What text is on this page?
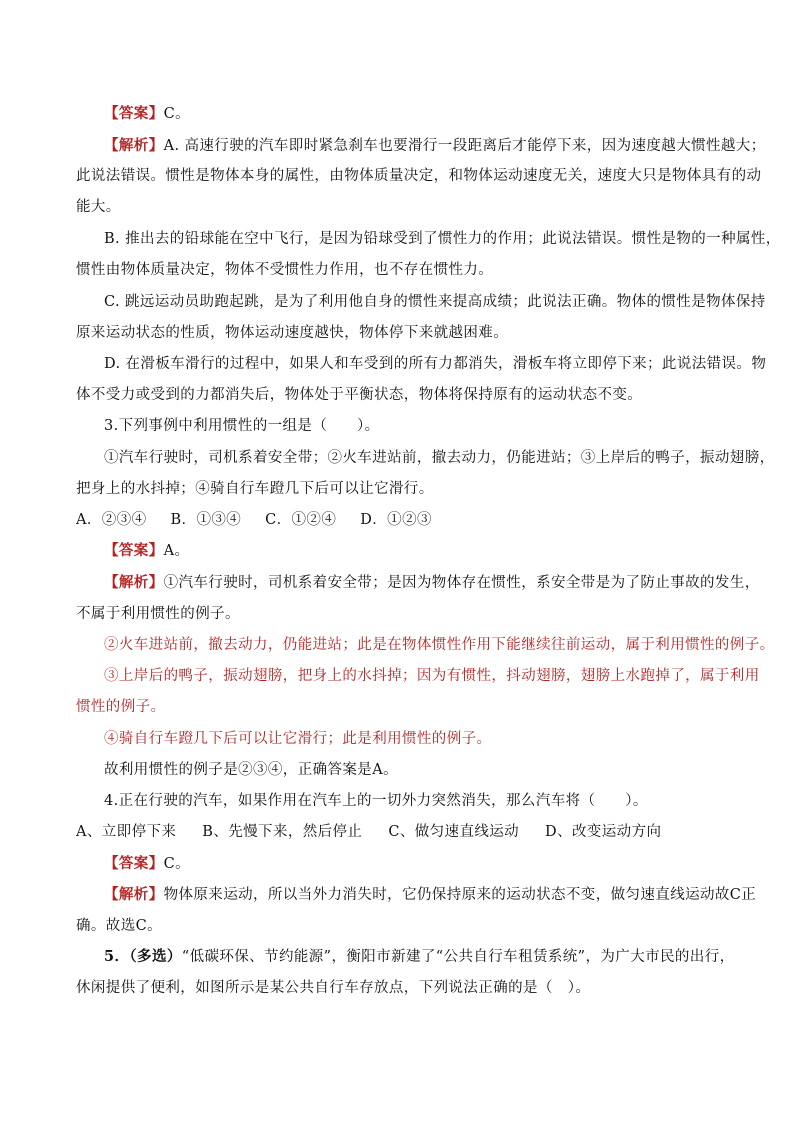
【答案】C。
【解析】A. 高速行驶的汽车即时紧急刹车也要滑行一段距离后才能停下来，因为速度越大惯性越大；
此说法错误。惯性是物体本身的属性，由物体质量决定，和物体运动速度无关，速度大只是物体具有的动
能大。
B. 推出去的铅球能在空中飞行，是因为铅球受到了惯性力的作用；此说法错误。惯性是物的一种属性，
惯性由物体质量决定，物体不受惯性力作用，也不存在惯性力。
C. 跳远运动员助跑起跳，是为了利用他自身的惯性来提高成绩；此说法正确。物体的惯性是物体保持
原来运动状态的性质，物体运动速度越快，物体停下来就越困难。
D. 在滑板车滑行的过程中，如果人和车受到的所有力都消失，滑板车将立即停下来；此说法错误。物
体不受力或受到的力都消失后，物体处于平衡状态，物体将保持原有的运动状态不变。
3.下列事例中利用惯性的一组是（　　）。
①汽车行驶时，司机系着安全带；②火车进站前，撤去动力，仍能进站；③上岸后的鸭子，振动翅膀，
把身上的水抖掉；④骑自行车蹬几下后可以让它滑行。
A．②③④ B．①③④ C．①②④ D．①②③
【答案】A。
【解析】①汽车行驶时，司机系着安全带；是因为物体存在惯性，系安全带是为了防止事故的发生，
不属于利用惯性的例子。
②火车进站前，撤去动力，仍能进站；此是在物体惯性作用下能继续往前运动，属于利用惯性的例子。
③上岸后的鸭子，振动翅膀，把身上的水抖掉；因为有惯性，抖动翅膀，翅膀上水跑掉了，属于利用
惯性的例子。
④骑自行车蹬几下后可以让它滑行；此是利用惯性的例子。
故利用惯性的例子是②③④，正确答案是A。
4.正在行驶的汽车，如果作用在汽车上的一切外力突然消失，那么汽车将（　　）。
A、立即停下来 B、先慢下来，然后停止 C、做匀速直线运动 D、改变运动方向
【答案】C。
【解析】物体原来运动，所以当外力消失时，它仍保持原来的运动状态不变，做匀速直线运动故C正
确。故选C。
5．（多选）“低碳环保、节约能源”，衡阳市新建了“公共自行车租赁系统”，为广大市民的出行，
休闲提供了便利，如图所示是某公共自行车存放点，下列说法正确的是（　）。
